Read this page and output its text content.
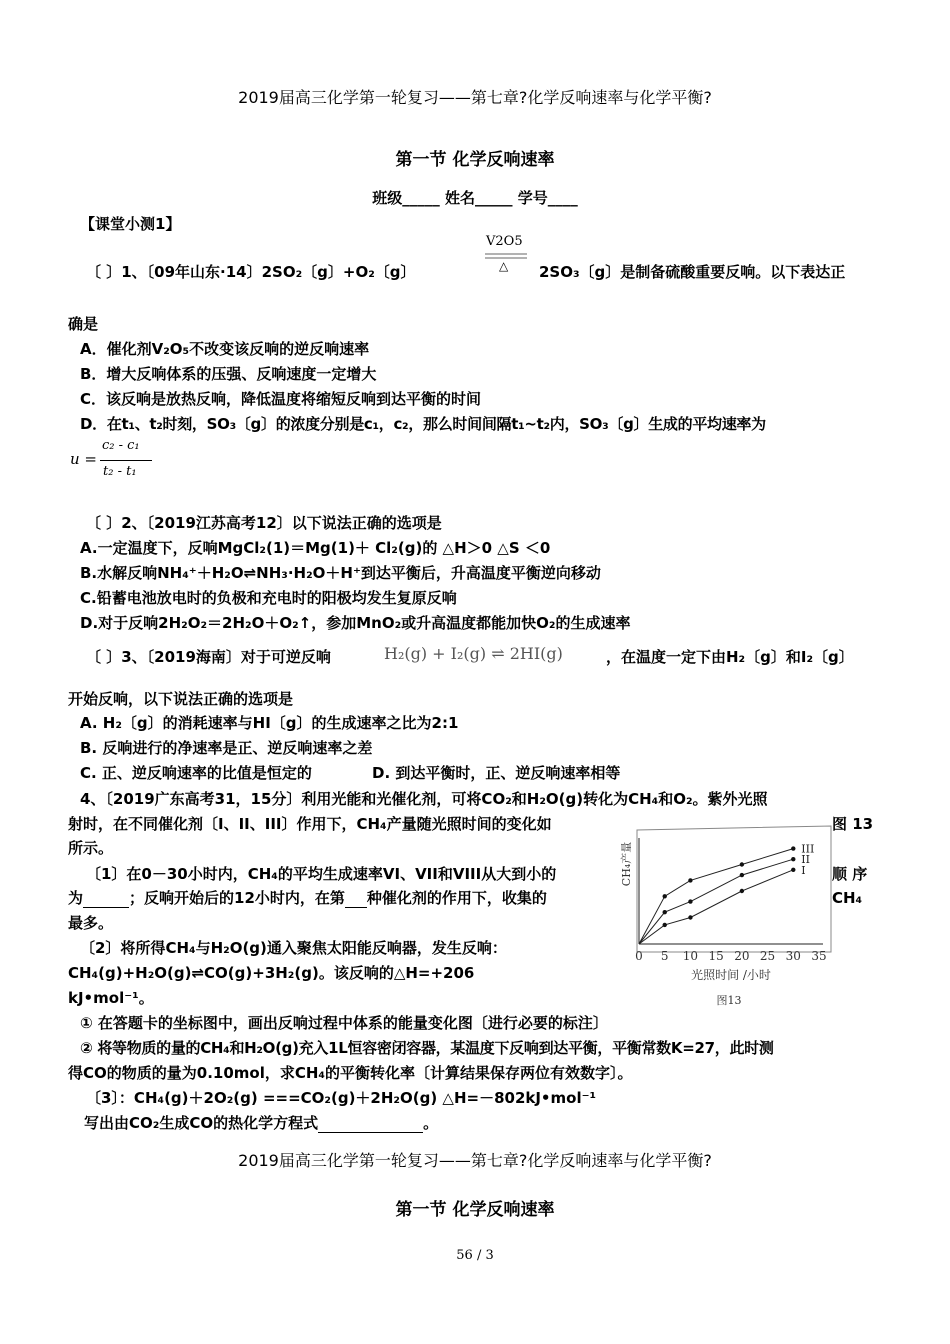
2019届高三化学第一轮复习——第七章?化学反响速率与化学平衡?
第一节 化学反响速率
班级_____ 姓名_____ 学号____
【课堂小测1】
V2O5
△
〔 〕1、〔09年山东·14〕2SO₂〔g〕+O₂〔g〕	2SO₃〔g〕是制备硫酸重要反响。以下表达正
确是
A．催化剂V₂O₅不改变该反响的逆反响速率
B．增大反响体系的压强、反响速度一定增大
C．该反响是放热反响，降低温度将缩短反响到达平衡的时间
D．在t₁、t₂时刻，SO₃〔g〕的浓度分别是c₁，c₂，那么时间间隔t₁~t₂内，SO₃〔g〕生成的平均速率为
u =
c₂ - c₁
t₂ - t₁
〔 〕2、〔2019江苏高考12〕以下说法正确的选项是
A.一定温度下，反响MgCl₂(1)＝Mg(1)＋ Cl₂(g)的 △H＞0 △S ＜0
B.水解反响NH₄⁺＋H₂O⇌NH₃·H₂O＋H⁺到达平衡后，升高温度平衡逆向移动
C.铅蓄电池放电时的负极和充电时的阳极均发生复原反响
D.对于反响2H₂O₂＝2H₂O＋O₂↑，参加MnO₂或升高温度都能加快O₂的生成速率
〔 〕3、〔2019海南〕对于可逆反响	H₂(g) + I₂(g) ⇌ 2HI(g)	，在温度一定下由H₂〔g〕和I₂〔g〕
开始反响，以下说法正确的选项是
A. H₂〔g〕的消耗速率与HI〔g〕的生成速率之比为2:1
B. 反响进行的净速率是正、逆反响速率之差
C. 正、逆反响速率的比值是恒定的	D. 到达平衡时，正、逆反响速率相等
4、〔2019广东高考31，15分〕利用光能和光催化剂，可将CO₂和H₂O(g)转化为CH₄和O₂。紫外光照
射时，在不同催化剂〔I、II、III〕作用下，CH₄产量随光照时间的变化如	图 13
所示。
〔1〕在0－30小时内，CH₄的平均生成速率VI、VII和VIII从大到小的	顺 序
为	；反响开始后的12小时内，在第 种催化剂的作用下，收集的	CH₄
最多。
〔2〕将所得CH₄与H₂O(g)通入聚焦太阳能反响器，发生反响：
CH₄(g)+H₂O(g)⇌CO(g)+3H₂(g)。该反响的△H=+206
kJ•mol⁻¹。
① 在答题卡的坐标图中，画出反响过程中体系的能量变化图〔进行必要的标注〕
② 将等物质的量的CH₄和H₂O(g)充入1L恒容密闭容器，某温度下反响到达平衡，平衡常数K=27，此时测
得CO的物质的量为0.10mol，求CH₄的平衡转化率〔计算结果保存两位有效数字〕。
〔3〕：CH₄(g)＋2O₂(g) ===CO₂(g)＋2H₂O(g) △H=－802kJ•mol⁻¹
写出由CO₂生成CO的热化学方程式	。
0 5 10 15 20 25 30 35
III
II
I
CH₄产量
光照时间 /小时
图13
2019届高三化学第一轮复习——第七章?化学反响速率与化学平衡?
第一节 化学反响速率
56 / 3
